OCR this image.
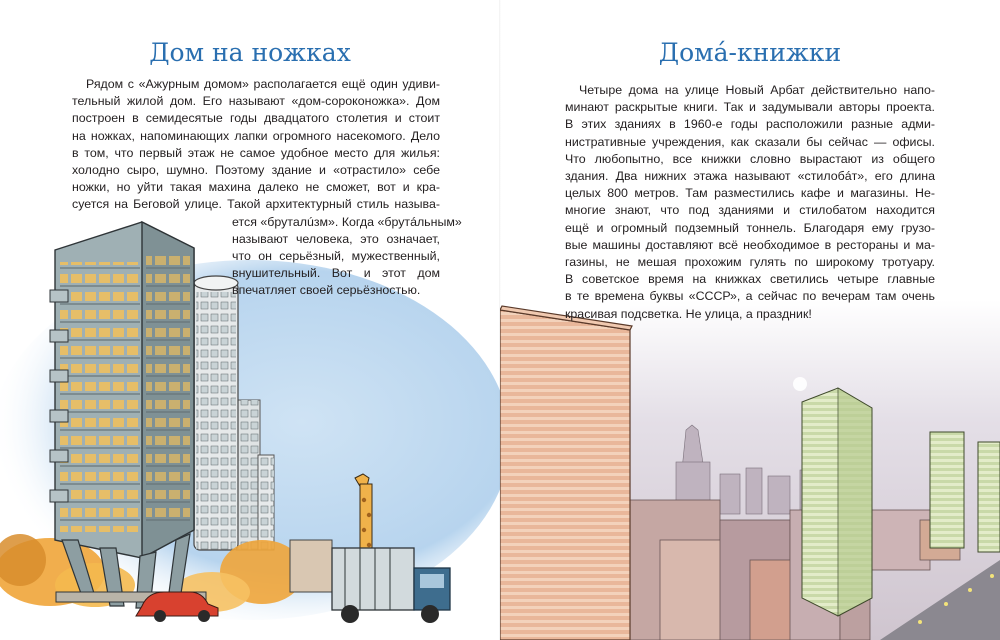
Дом на ножках
Рядом с «Ажурным домом» располагается ещё один удиви-
тельный жилой дом. Его называют «дом-сороконожка». Дом
построен в семидесятые годы двадцатого столетия и стоит
на ножках, напоминающих лапки огромного насекомого. Дело
в том, что первый этаж не самое удобное место для жилья:
холодно сыро, шумно. Поэтому здание и «отрастило» себе
ножки, но уйти такая махина далеко не сможет, вот и кра-
суется на Беговой улице. Такой архитектурный стиль называ-
ется «бруталúзм». Когда «брутáльным»
называют человека, это означает,
что он серьёзный, мужественный,
внушительный. Вот и этот дом
впечатляет своей серьёзностью.
Домá-книжки
Четыре дома на улице Новый Арбат действительно напо-
минают раскрытые книги. Так и задумывали авторы проекта.
В этих зданиях в 1960-е годы расположили разные адми-
нистративные учреждения, как сказали бы сейчас — офисы.
Что любопытно, все книжки словно вырастают из общего
здания. Два нижних этажа называют «стилобáт», его длина
целых 800 метров. Там разместились кафе и магазины. Не-
многие знают, что под зданиями и стилобатом находится
ещё и огромный подземный тоннель. Благодаря ему грузо-
вые машины доставляют всё необходимое в рестораны и ма-
газины, не мешая прохожим гулять по широкому тротуару.
В советское время на книжках светились четыре главные
в те времена буквы «СССР», а сейчас по вечерам там очень
красивая подсветка. Не улица, а праздник!
